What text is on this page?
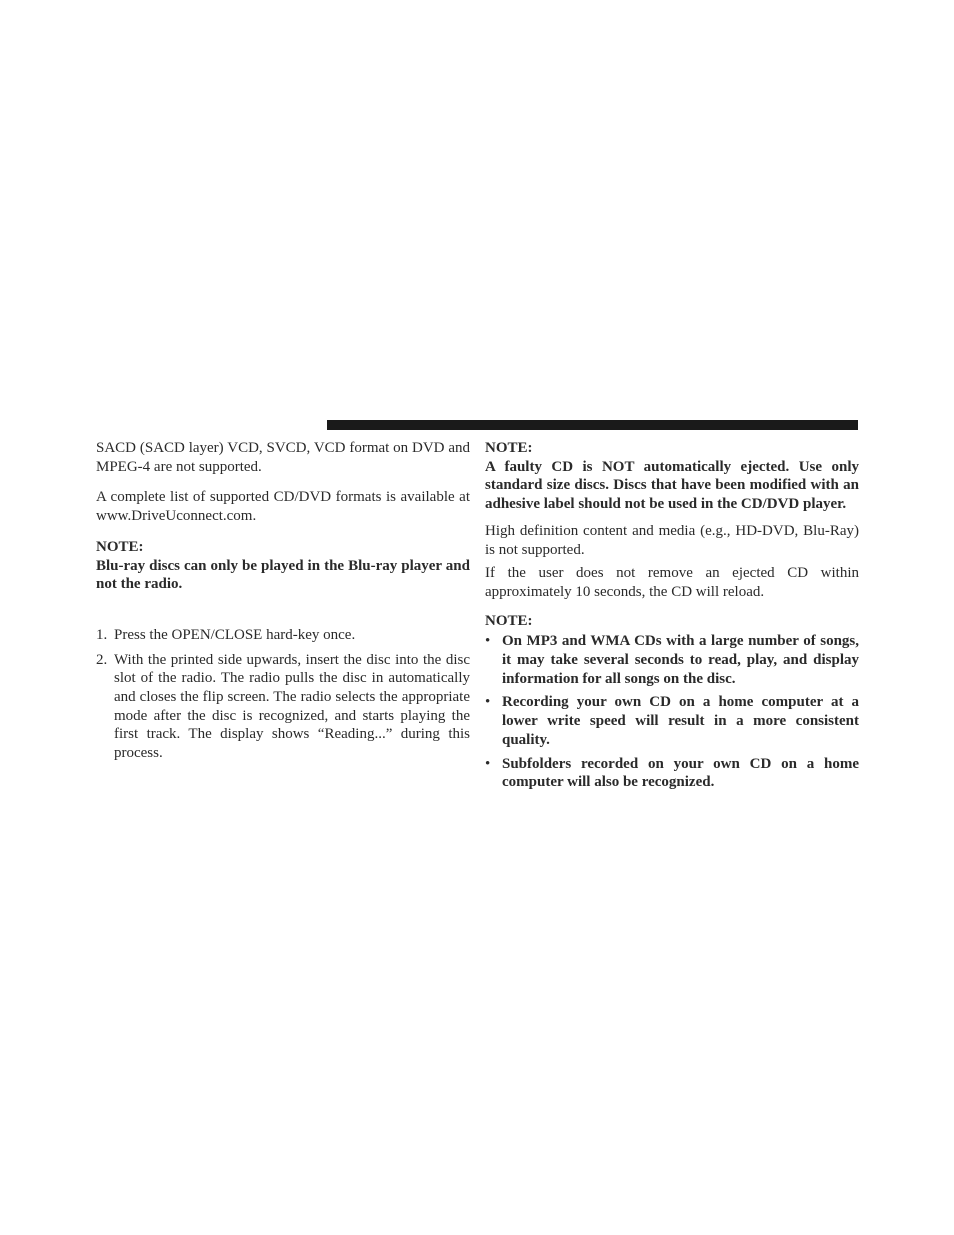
SACD (SACD layer) VCD, SVCD, VCD format on DVD and MPEG-4 are not supported.

A complete list of supported CD/DVD formats is available at www.DriveUconnect.com.

NOTE:

Blu-ray discs can only be played in the Blu-ray player and not the radio.

1. Press the OPEN/CLOSE hard-key once.
2. With the printed side upwards, insert the disc into the disc slot of the radio. The radio pulls the disc in automatically and closes the flip screen. The radio selects the appropriate mode after the disc is recognized, and starts playing the first track. The display shows “Reading...” during this process.

NOTE:

A faulty CD is NOT automatically ejected. Use only standard size discs. Discs that have been modified with an adhesive label should not be used in the CD/DVD player.

High definition content and media (e.g., HD-DVD, Blu-Ray) is not supported.

If the user does not remove an ejected CD within approximately 10 seconds, the CD will reload.

NOTE:

• On MP3 and WMA CDs with a large number of songs, it may take several seconds to read, play, and display information for all songs on the disc.
• Recording your own CD on a home computer at a lower write speed will result in a more consistent quality.
• Subfolders recorded on your own CD on a home computer will also be recognized.
